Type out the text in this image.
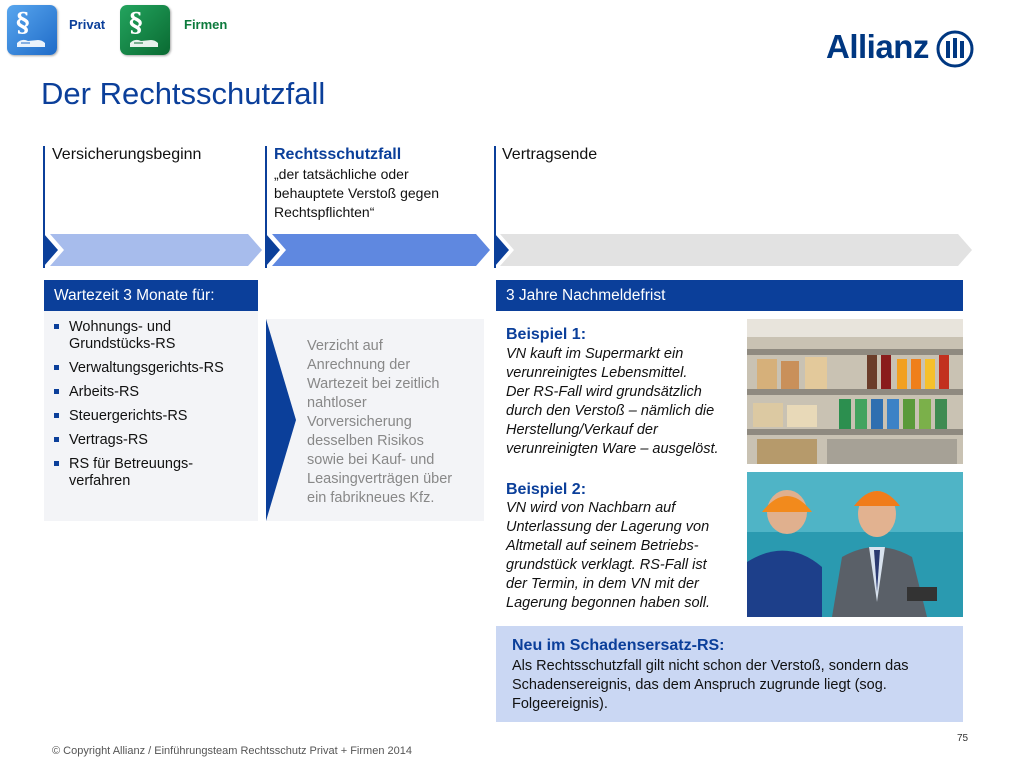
§	Privat §	Firmen
Allianz
Der Rechtsschutzfall
Versicherungsbeginn	Rechtsschutzfall
„der tatsächliche oder
behauptete Verstoß gegen
Rechtspflichten“
Vertragsende
Wartezeit 3 Monate für:
Wohnungs- und
Grundstücks-RS
Verwaltungsgerichts-RS
Arbeits-RS
Steuergerichts-RS
Vertrags-RS
RS für Betreuungs-
verfahren
Verzicht auf
Anrechnung der
Wartezeit bei zeitlich
nahtloser
Vorversicherung
desselben Risikos
sowie bei Kauf- und
Leasingverträgen über
ein fabrikneues Kfz.
3 Jahre Nachmeldefrist
Beispiel 1:
VN kauft im Supermarkt ein
verunreinigtes Lebensmittel.
Der RS-Fall wird grundsätzlich
durch den Verstoß – nämlich die
Herstellung/Verkauf der
verunreinigten Ware – ausgelöst.
Beispiel 2:
VN wird von Nachbarn auf
Unterlassung der Lagerung von
Altmetall auf seinem Betriebs-
grundstück verklagt. RS-Fall ist
der Termin, in dem VN mit der
Lagerung begonnen haben soll.
Neu im Schadensersatz-RS:
Als Rechtsschutzfall gilt nicht schon der Verstoß, sondern das
Schadensereignis, das dem Anspruch zugrunde liegt (sog.
Folgeereignis).
75
© Copyright Allianz / Einführungsteam Rechtsschutz Privat + Firmen 2014
